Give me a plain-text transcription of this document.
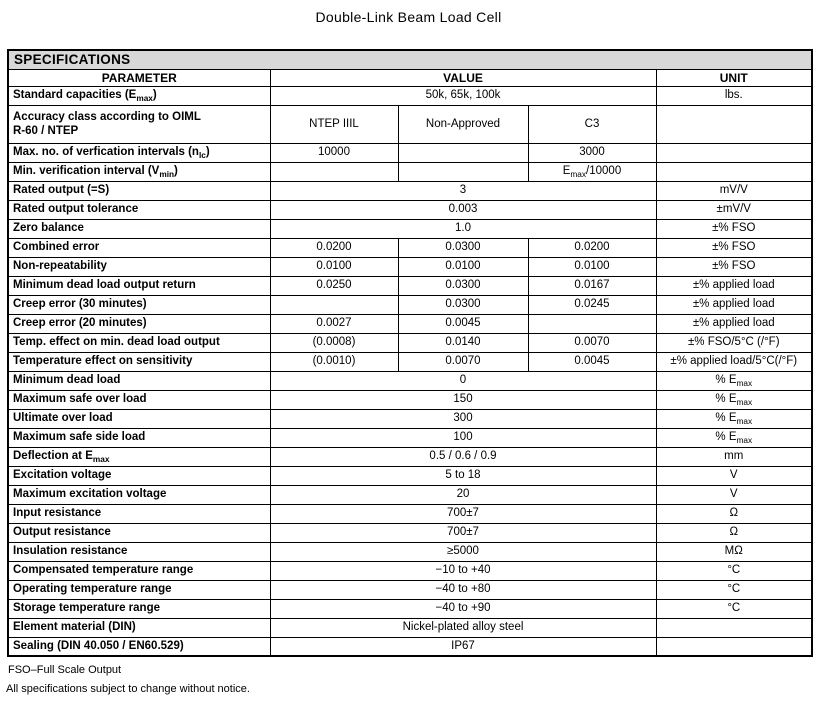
Double-Link Beam Load Cell
SPECIFICATIONS				
PARAMETER	VALUE			UNIT
Standard capacities $(E_{max})$	50k, 65k, 100k			lbs.
Accuracy class according to OIML
R-60 / NTEP	NTEP IIIL	Non-Approved	C3	
Max. no. of verfication intervals $(n_{lc})$	10000		3000	
Min. verification interval $(V_{min})$			$E_{max}/10000$	
Rated output (=S)	3			mV/V
Rated output tolerance	0.003			±mV/V
Zero balance	1.0			±% FSO
Combined error	0.0200	0.0300	0.0200	±% FSO
Non-repeatability	0.0100	0.0100	0.0100	±% FSO
Minimum dead load output return	0.0250	0.0300	0.0167	±% applied load
Creep error (30 minutes)		0.0300	0.0245	±% applied load
Creep error (20 minutes)	0.0027	0.0045		±% applied load
Temp. effect on min. dead load output	(0.0008)	0.0140	0.0070	±% FSO/5°C (/°F)
Temperature effect on sensitivity	(0.0010)	0.0070	0.0045	±% applied load/5°C(/°F)
Minimum dead load	0			% $E_{max}$
Maximum safe over load	150			% $E_{max}$
Ultimate over load	300			% $E_{max}$
Maximum safe side load	100			% $E_{max}$
Deflection at $E_{max}$	0.5 / 0.6 / 0.9			mm
Excitation voltage	5 to 18			V
Maximum excitation voltage	20			V
Input resistance	700±7			Ω
Output resistance	700±7			Ω
Insulation resistance	≥5000			MΩ
Compensated temperature range	−10 to +40			°C
Operating temperature range	−40 to +80			°C
Storage temperature range	−40 to +90			°C
Element material (DIN)	Nickel-plated alloy steel			
Sealing (DIN 40.050 / EN60.529)	IP67			
FSO–Full Scale Output
All specifications subject to change without notice.
